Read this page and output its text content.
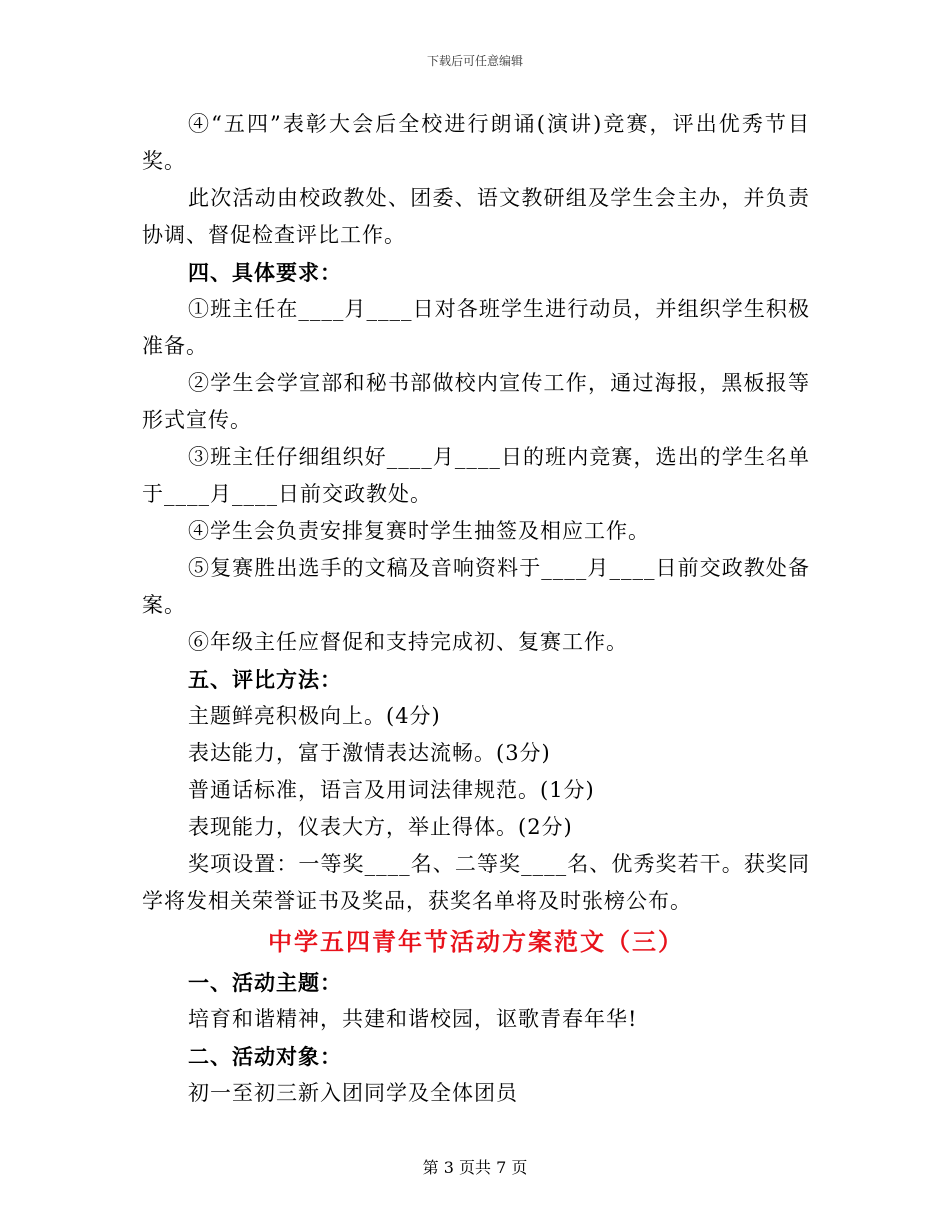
下载后可任意编辑

④“五四”表彰大会后全校进行朗诵(演讲)竞赛，评出优秀节目奖。

此次活动由校政教处、团委、语文教研组及学生会主办，并负责协调、督促检查评比工作。

四、具体要求：

①班主任在____月____日对各班学生进行动员，并组织学生积极准备。

②学生会学宣部和秘书部做校内宣传工作，通过海报，黑板报等形式宣传。

③班主任仔细组织好____月____日的班内竞赛，选出的学生名单于____月____日前交政教处。

④学生会负责安排复赛时学生抽签及相应工作。

⑤复赛胜出选手的文稿及音响资料于____月____日前交政教处备案。

⑥年级主任应督促和支持完成初、复赛工作。

五、评比方法：

主题鲜亮积极向上。(4分)

表达能力，富于激情表达流畅。(3分)

普通话标准，语言及用词法律规范。(1分)

表现能力，仪表大方，举止得体。(2分)

奖项设置：一等奖____名、二等奖____名、优秀奖若干。获奖同学将发相关荣誉证书及奖品，获奖名单将及时张榜公布。

中学五四青年节活动方案范文（三）

一、活动主题：

培育和谐精神，共建和谐校园，讴歌青春年华!

二、活动对象：

初一至初三新入团同学及全体团员

第 3 页共 7 页
